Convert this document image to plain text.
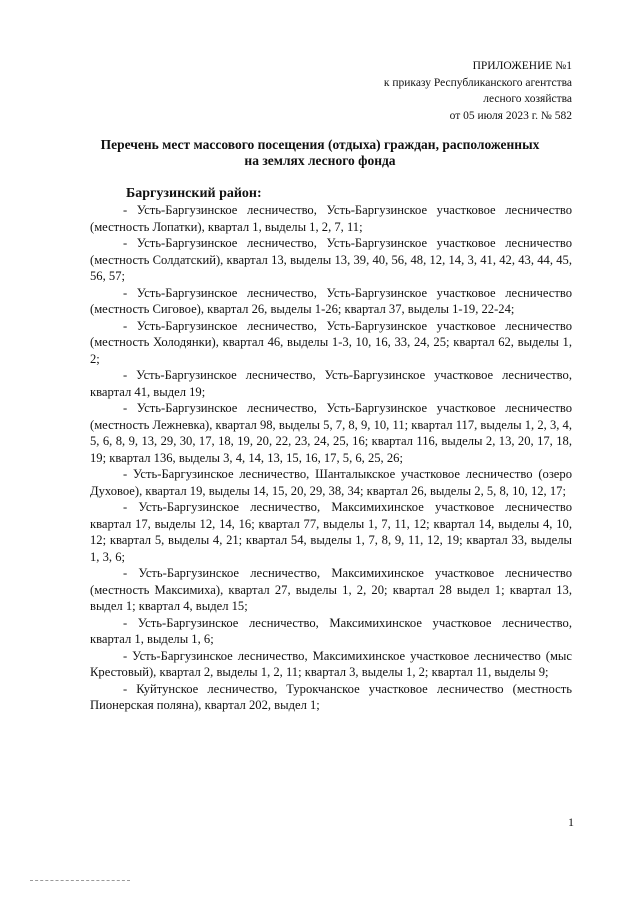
ПРИЛОЖЕНИЕ №1
к приказу Республиканского агентства
лесного хозяйства
от 05 июля 2023 г. № 582
Перечень мест массового посещения (отдыха) граждан, расположенных
на землях лесного фонда
Баргузинский район:

- Усть-Баргузинское лесничество, Усть-Баргузинское участковое лесничество (местность Лопатки), квартал 1, выделы 1, 2, 7, 11;

- Усть-Баргузинское лесничество, Усть-Баргузинское участковое лесничество (местность Солдатский), квартал 13, выделы 13, 39, 40, 56, 48, 12, 14, 3, 41, 42, 43, 44, 45, 56, 57;

- Усть-Баргузинское лесничество, Усть-Баргузинское участковое лесничество (местность Сиговое), квартал 26, выделы 1-26; квартал 37, выделы 1-19, 22-24;

- Усть-Баргузинское лесничество, Усть-Баргузинское участковое лесничество (местность Холодянки), квартал 46, выделы 1-3, 10, 16, 33, 24, 25; квартал 62, выделы 1, 2;

- Усть-Баргузинское лесничество, Усть-Баргузинское участковое лесничество, квартал 41, выдел 19;

- Усть-Баргузинское лесничество, Усть-Баргузинское участковое лесничество (местность Лежневка), квартал 98, выделы 5, 7, 8, 9, 10, 11; квартал 117, выделы 1, 2, 3, 4, 5, 6, 8, 9, 13, 29, 30, 17, 18, 19, 20, 22, 23, 24, 25, 16; квартал 116, выделы 2, 13, 20, 17, 18, 19; квартал 136, выделы 3, 4, 14, 13, 15, 16, 17, 5, 6, 25, 26;

- Усть-Баргузинское лесничество, Шанталыкское участковое лесничество (озеро Духовое), квартал 19, выделы 14, 15, 20, 29, 38, 34; квартал 26, выделы 2, 5, 8, 10, 12, 17;

- Усть-Баргузинское лесничество, Максимихинское участковое лесничество квартал 17, выделы 12, 14, 16; квартал 77, выделы 1, 7, 11, 12; квартал 14, выделы 4, 10, 12; квартал 5, выделы 4, 21; квартал 54, выделы 1, 7, 8, 9, 11, 12, 19; квартал 33, выделы 1, 3, 6;

- Усть-Баргузинское лесничество, Максимихинское участковое лесничество (местность Максимиха), квартал 27, выделы 1, 2, 20; квартал 28 выдел 1; квартал 13, выдел 1; квартал 4, выдел 15;

- Усть-Баргузинское лесничество, Максимихинское участковое лесничество, квартал 1, выделы 1, 6;

- Усть-Баргузинское лесничество, Максимихинское участковое лесничество (мыс Крестовый), квартал 2, выделы 1, 2, 11; квартал 3, выделы 1, 2; квартал 11, выделы 9;

- Куйтунское лесничество, Турокчанское участковое лесничество (местность Пионерская поляна), квартал 202, выдел 1;

1
